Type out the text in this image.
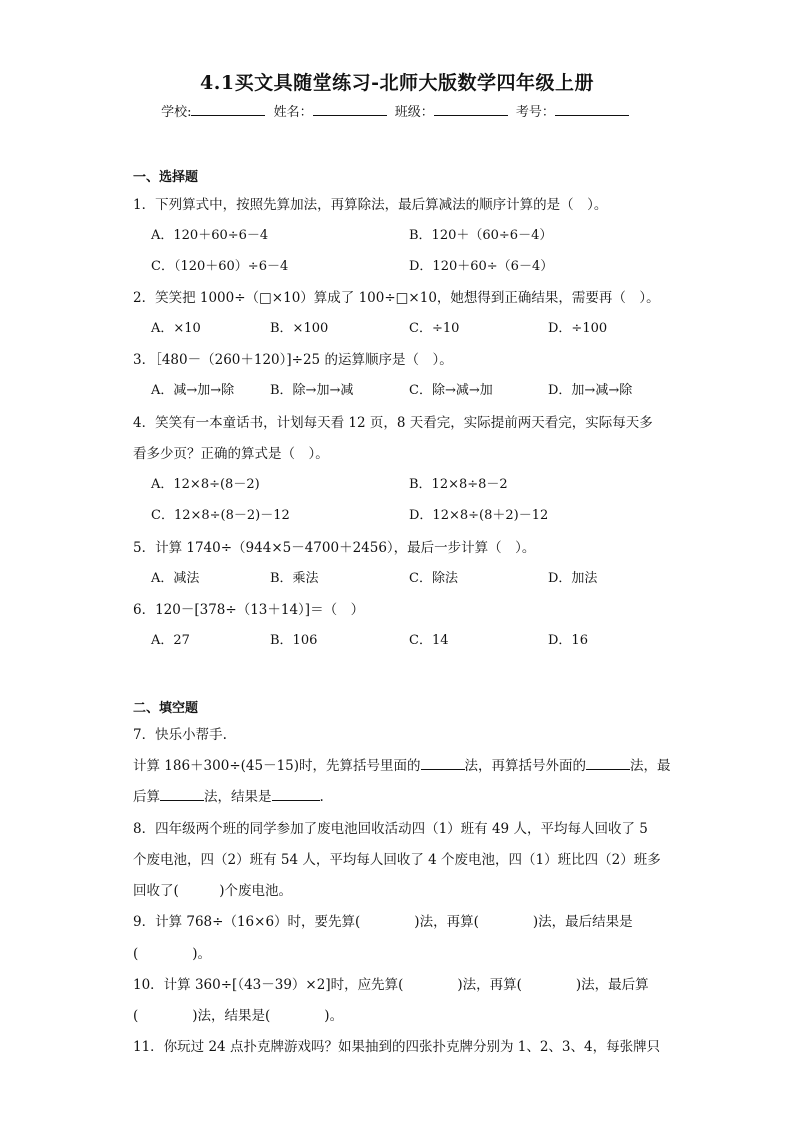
4.1买文具随堂练习-北师大版数学四年级上册
学校:	姓名：	班级：	考号：
一、选择题
1．下列算式中，按照先算加法，再算除法，最后算减法的顺序计算的是（　）。
A．120＋60÷6－4	B．120＋（60÷6－4）
C．（120＋60）÷6－4	D．120＋60÷（6－4）
2．笑笑把 1000÷（□×10）算成了 100÷□×10，她想得到正确结果，需要再（　）。
A．×10	B．×100	C．÷10	D．÷100
3．［480－（260＋120）]÷25 的运算顺序是（　）。
A．减→加→除	B．除→加→减	C．除→减→加	D．加→减→除
4．笑笑有一本童话书，计划每天看 12 页，8 天看完，实际提前两天看完，实际每天多
看多少页？正确的算式是（　）。
A．12×8÷(8－2)	B．12×8÷8－2
C．12×8÷(8－2)－12	D．12×8÷(8＋2)－12
5．计算 1740÷（944×5－4700＋2456），最后一步计算（　）。
A．减法	B．乘法	C．除法	D．加法
6．120－[378÷（13＋14）]＝（　）
A．27	B．106	C．14	D．16
二、填空题
7．快乐小帮手.
计算 186＋300÷(45－15)时，先算括号里面的	法，再算括号外面的	法，最
后算	法，结果是	.
8．四年级两个班的同学参加了废电池回收活动四（1）班有 49 人，平均每人回收了 5
个废电池，四（2）班有 54 人，平均每人回收了 4 个废电池，四（1）班比四（2）班多
回收了(　　　)个废电池。
9．计算 768÷（16×6）时，要先算(　　　　)法，再算(　　　　)法，最后结果是
(　　　　)。
10．计算 360÷[（43－39）×2]时，应先算(　　　　)法，再算(　　　　)法，最后算
(　　　　)法，结果是(　　　　)。
11．你玩过 24 点扑克牌游戏吗？如果抽到的四张扑克牌分别为 1、2、3、4，每张牌只
